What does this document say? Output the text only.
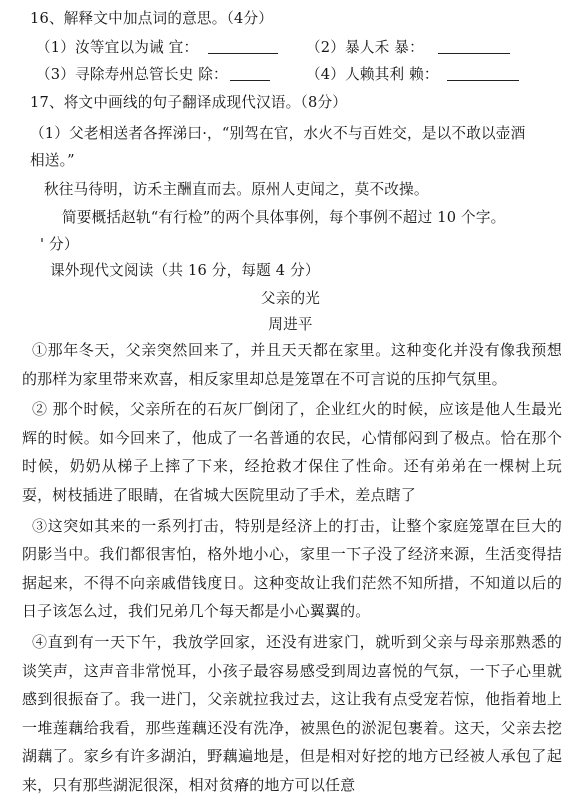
16、解释文中加点词的意思。（4分）
（1）汝等宜以为诫 宜：	（2）暴人禾 暴：
（3）寻除寿州总管长史 除：	（4）人赖其利 赖：
17、将文中画线的句子翻译成现代汉语。（8分）
（1）父老相送者各挥涕曰·，“别驾在官，水火不与百姓交，是以不敢以壶酒
相送。”
秋往马待明，访禾主酬直而去。原州人吏闻之，莫不改操。
简要概括赵轨“有行检”的两个具体事例，每个事例不超过 10 个字。
' 分）
课外现代文阅读（共 16 分，每题 4 分）
父亲的光
周进平

①那年冬天，父亲突然回来了，并且天天都在家里。这种变化并没有像我预想的那样为家里带来欢喜，相反家里却总是笼罩在不可言说的压抑气氛里。

② 那个时候，父亲所在的石灰厂倒闭了，企业红火的时候，应该是他人生最光辉的时候。如今回来了，他成了一名普通的农民，心情郁闷到了极点。恰在那个时候，奶奶从梯子上摔了下来，经抢救才保住了性命。还有弟弟在一棵树上玩耍，树枝插进了眼睛，在省城大医院里动了手术，差点瞎了

③这突如其来的一系列打击，特别是经济上的打击，让整个家庭笼罩在巨大的阴影当中。我们都很害怕，格外地小心，家里一下子没了经济来源，生活变得拮据起来，不得不向亲戚借钱度日。这种变故让我们茫然不知所措，不知道以后的日子该怎么过，我们兄弟几个每天都是小心翼翼的。

④直到有一天下午，我放学回家，还没有进家门，就听到父亲与母亲那熟悉的谈笑声，这声音非常悦耳，小孩子最容易感受到周边喜悦的气氛，一下子心里就感到很振奋了。我一进门，父亲就拉我过去，这让我有点受宠若惊，他指着地上一堆莲藕给我看，那些莲藕还没有洗净，被黑色的淤泥包裹着。这天，父亲去挖湖藕了。家乡有许多湖泊，野藕遍地是，但是相对好挖的地方已经被人承包了起来，只有那些湖泥很深，相对贫瘠的地方可以任意
